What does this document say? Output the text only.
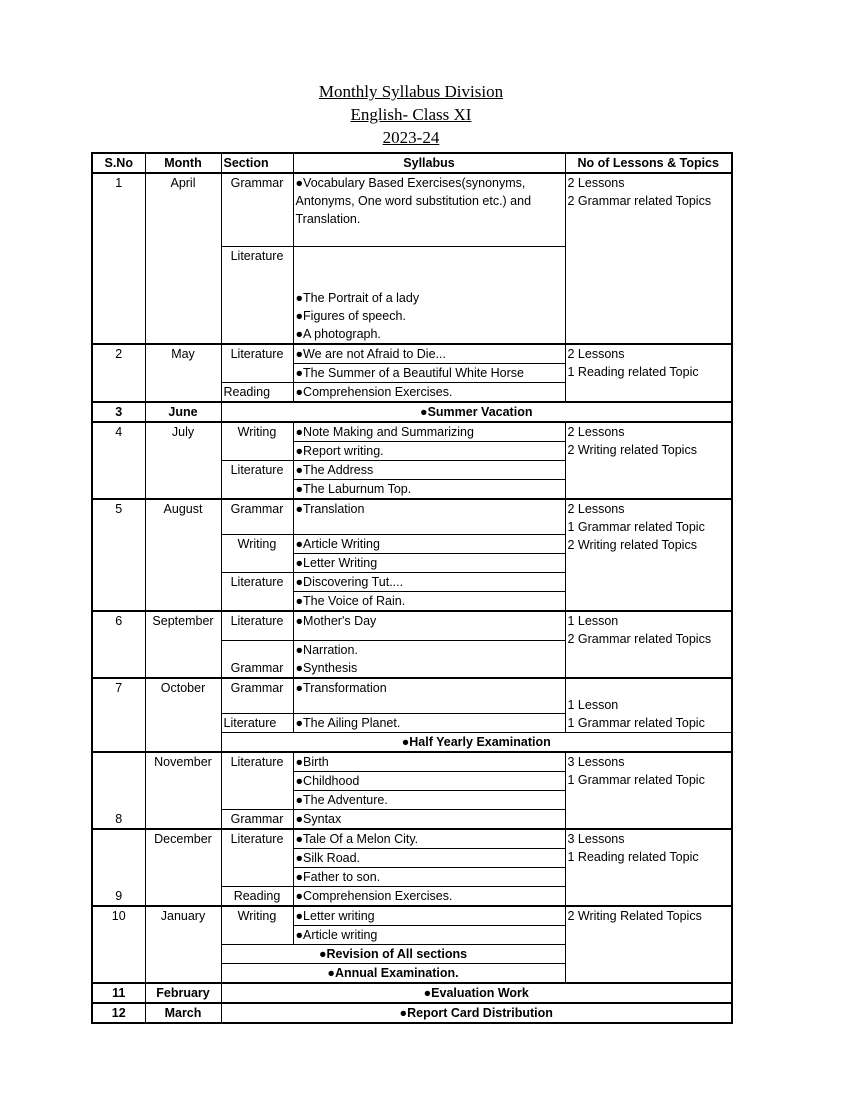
Monthly Syllabus Division
English- Class XI
2023-24
S.No	Month	Section	Syllabus	No of Lessons & Topics
1	April	Grammar	●Vocabulary Based Exercises(synonyms, Antonyms, One word substitution etc.) and Translation.	2 Lessons
2 Grammar related Topics

		Literature	●The Portrait of a lady
●Figures of speech.
●A photograph.	

2	May	Literature	●We are not Afraid to Die...	2 Lessons
1 Reading related Topic

			●The Summer of a Beautiful White Horse	
		Reading	●Comprehension Exercises.	
3	June	●Summer Vacation		
4	July	Writing	●Note Making and Summarizing	2 Lessons
2 Writing related Topics

			●Report writing.	
		Literature	●The Address	
			●The Laburnum Top.	
5	August	Grammar	●Translation	2 Lessons
1 Grammar related Topic
2 Writing related Topics

		Writing	●Article Writing	
			●Letter Writing	
		Literature	●Discovering Tut....	
			●The Voice of Rain.	
6	September	Literature	●Mother's Day	1 Lesson
2 Grammar related Topics

		Grammar	●Narration.
●Synthesis	

7	October	Grammar	●Transformation	1 Lesson
1 Grammar related Topic

		Literature	●The Ailing Planet.	
		●Half Yearly Examination		
8	November	Literature	●Birth	3 Lessons
1 Grammar related Topic

			●Childhood	
			●The Adventure.	
		Grammar	●Syntax	
9	December	Literature	●Tale Of a Melon City.	3 Lessons
1 Reading related Topic

			●Silk Road.	
			●Father to son.	
		Reading	●Comprehension Exercises.	
10	January	Writing	●Letter writing	2 Writing Related Topics

			●Article writing	
		●Revision of All sections		
		●Annual Examination.		
11	February	●Evaluation Work		
12	March	●Report Card Distribution		
